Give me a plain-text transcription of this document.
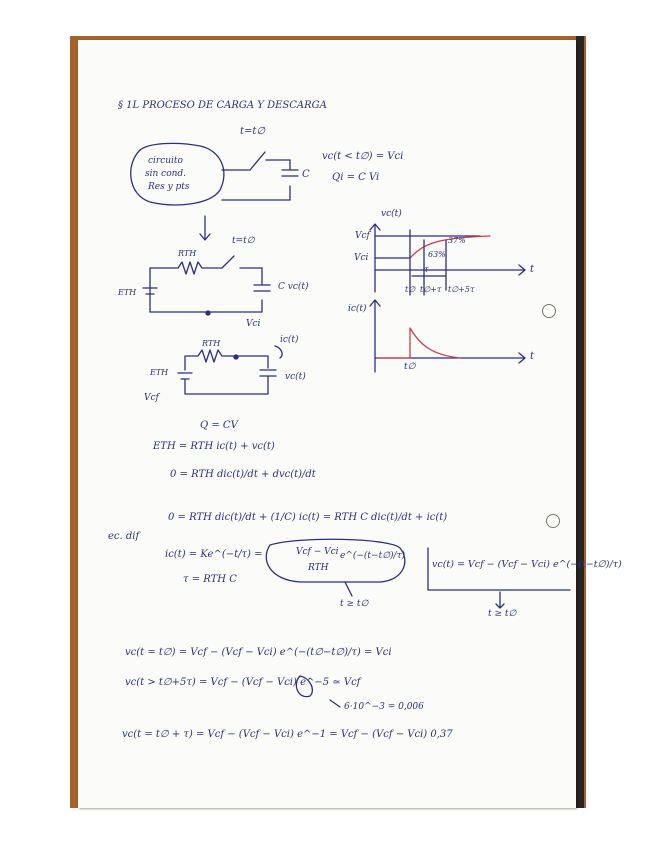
§ 1L PROCESO DE CARGA Y DESCARGA
circuito
sin cond.
Res y pts
t=t∅
C
vc(t < t∅) = Vci
Qi = C Vi
RTH
t=t∅
ETH
C vc(t)
Vci
RTH	ic(t)
ETH
Vcf
vc(t)
vc(t)
Vcf
Vci
37%
63%
τ
t∅ t∅+τ t∅+5τ
t
ic(t)
t∅
t
Q = CV
ETH = RTH ic(t) + vc(t)
0 = RTH dic(t)/dt + dvc(t)/dt
ec. dif
0 = RTH dic(t)/dt + (1/C) ic(t) = RTH C dic(t)/dt + ic(t)
ic(t) = Ke^(−t/τ) =	Vcf − Vci
RTH
e^(−(t−t∅)/τ)
τ = RTH C
t ≥ t∅
vc(t) = Vcf − (Vcf − Vci) e^(−(t−t∅)/τ)
t ≥ t∅
vc(t = t∅) = Vcf − (Vcf − Vci) e^(−(t∅−t∅)/τ) = Vci
vc(t > t∅+5τ) = Vcf − (Vcf − Vci) e^−5 ≃ Vcf
6·10^−3 = 0,006
vc(t = t∅ + τ) = Vcf − (Vcf − Vci) e^−1 = Vcf − (Vcf − Vci) 0,37
